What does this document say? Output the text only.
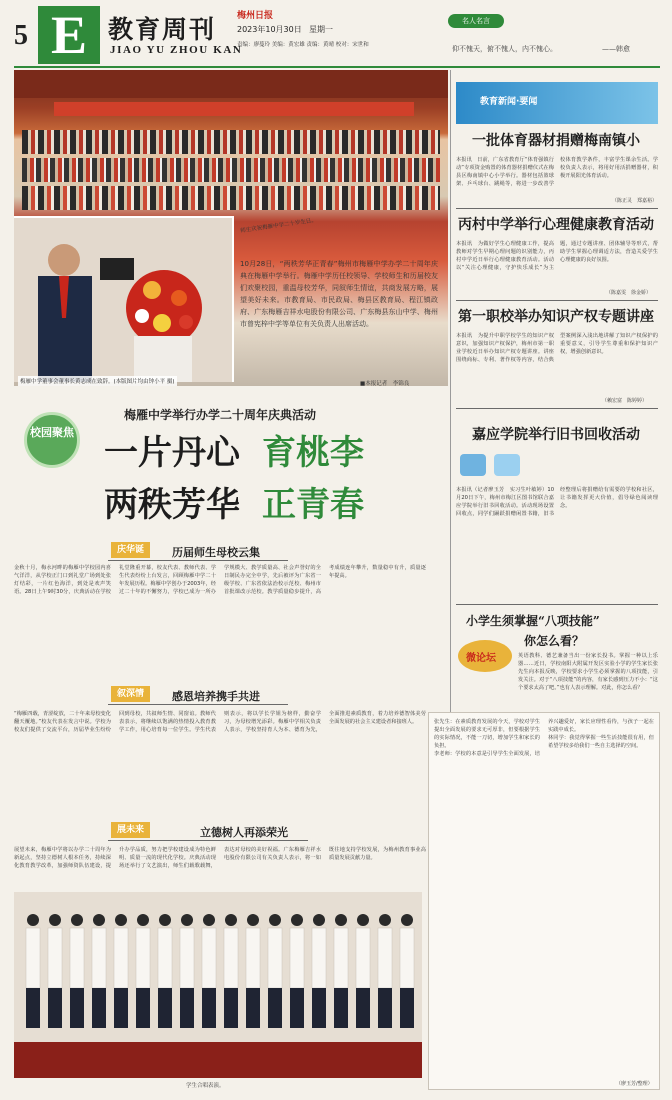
5 E 教育周刊
JIAO YU ZHOU KAN
梅州日报
2023年10月30日 星期一
责编：廖蔓玲 美编：黄宏雄 责编：黄晴 校对：宋世和
名人名言
仰不愧天，俯不愧人，内不愧心。	——韩愈
师生庆祝梅雁中学二十岁生日。
梅雁中学董事会董事长黄志成在致辞。(本版图片均由钟小平 摄)
10月28日，“两秩芳华正青春”梅州市梅雁中学办学二十周年庆典在梅雁中学举行。梅雁中学历任校领导、学校师生和历届校友们欢聚校园，重温母校芳华，同叙师生情谊，共商发展方略，展望美好未来。市教育局、市民政局、梅县区教育局、程江镇政府、广东梅雁吉祥水电股份有限公司、广东梅县东山中学、梅州市曾宪梓中学等单位有关负责人出席活动。
■本报记者　李锦良
校园聚焦
梅雁中学举行办学二十周年庆典活动
一片丹心 育桃李
两秩芳华 正青春
庆华诞	历届师生母校云集
金秋十月，梅水河畔的梅雁中学校园内喜气洋洋，从学校正门口到礼堂广场到处张灯结彩，一片红色海洋，到处是欢声笑语。28日上午9时30分，庆典活动在学校礼堂隆重开幕，校友代表、教师代表、学生代表纷纷上台发言，回顾梅雁中学二十年发展历程。梅雁中学创办于2003年，经过二十年的不懈努力，学校已成为一所办学规模大、教学质量高、社会声誉好的全日制民办完全中学，先后被评为广东省一级学校、广东省依法治校示范校、梅州市首批课改示范校。教学质量稳步提升，高考成绩连年攀升，数量稳中有升，质量逐年提高。
叙深情	感恩培养携手共进
“梅雁四载，青涩绽放，二十年来母校变化翻天覆地。”校友代表在发言中说。学校为校友们提供了交流平台，历届毕业生纷纷回到母校，共叙师生情、同窗谊。教师代表表示，将继续以饱满的热情投入教育教学工作，用心培育每一位学生。学生代表则表示，将以学长学姐为榜样，勤奋学习，为母校增光添彩。梅雁中学相关负责人表示，学校坚持育人为本、德育为先，全面推进素质教育，着力培养德智体美劳全面发展的社会主义建设者和接班人。
展未来	立德树人再添荣光
展望未来，梅雁中学将以办学二十周年为新起点，坚持立德树人根本任务，持续深化教育教学改革，加强师资队伍建设，提升办学品质，努力把学校建设成为特色鲜明、质量一流的现代化学校。庆典活动现场还举行了文艺演出，师生们载歌载舞，表达对母校的美好祝福。广东梅雁吉祥水电股份有限公司有关负责人表示，将一如既往地支持学校发展，为梅州教育事业高质量发展贡献力量。
学生合唱表演。
教育新闻·要闻
一批体育器材捐赠梅南镇小
本报讯　日前，广东省教育厅“体育强镇行动”专项资金购置的体育器材捐赠仪式在梅县区梅南镇中心小学举行。器材包括篮球架、乒乓球台、跳绳等，将进一步改善学校体育教学条件，丰富学生课余生活。学校负责人表示，将用好用活捐赠器材，积极开展阳光体育活动。
（陈正灵　郑嘉裕）
丙村中学举行心理健康教育活动
本报讯　为做好学生心理健康工作，提高教师对学生早期心理问题的识别能力，丙村中学近日举行心理健康教育活动。活动以“关注心理健康，守护快乐成长”为主题，通过专题讲座、团体辅导等形式，帮助学生掌握心理调适方法，营造关爱学生心理健康的良好氛围。
（陈嘉雯　徐金娇）
第一职校举办知识产权专题讲座
本报讯　为提升中职学校学生的知识产权意识，加强知识产权保护，梅州市第一职业学校近日举办知识产权专题讲座。讲座围绕商标、专利、著作权等内容，结合典型案例深入浅出地讲解了知识产权保护的重要意义，引导学生尊重和保护知识产权，增强创新意识。
（赖宏富　陈婷婷）
嘉应学院举行旧书回收活动
本报讯（记者廖玉芳　实习生叶敏婷）10月20日下午，梅州市梅江区图书馆联合嘉应学院举行旧书回收活动。活动现场设置回收点，同学们踊跃捐赠闲置书籍，旧书经整理后将捐赠给有需要的学校和社区，让书籍发挥更大价值，倡导绿色阅读理念。
小学生须掌握“八项技能”
你怎么看？
微论坛	英语教科、德艺兼备当出一份家长投书。掌握一种以上乐器……近日，学校南阳大附属开发区实验小学的学生家长张先生向本报反映，学校要求小学生必须掌握的八项技能，引发关注。对于“八项技能”的内容，有家长感到压力不小：“这个要求太高了吧。”也有人表示理解。对此，你怎么看？
张先生：在素质教育发展的今天，学校对学生提出全面发展的要求无可厚非，但要根据学生的实际情况，不能一刀切，增加学生和家长的负担。
李老师：学校的本意是引导学生全面发展，培养兴趣爱好，家长应理性看待，与孩子一起在实践中成长。
林同学：我觉得掌握一些生活技能很有用，但希望学校多给我们一些自主选择的空间。
（廖玉芳/整理）
